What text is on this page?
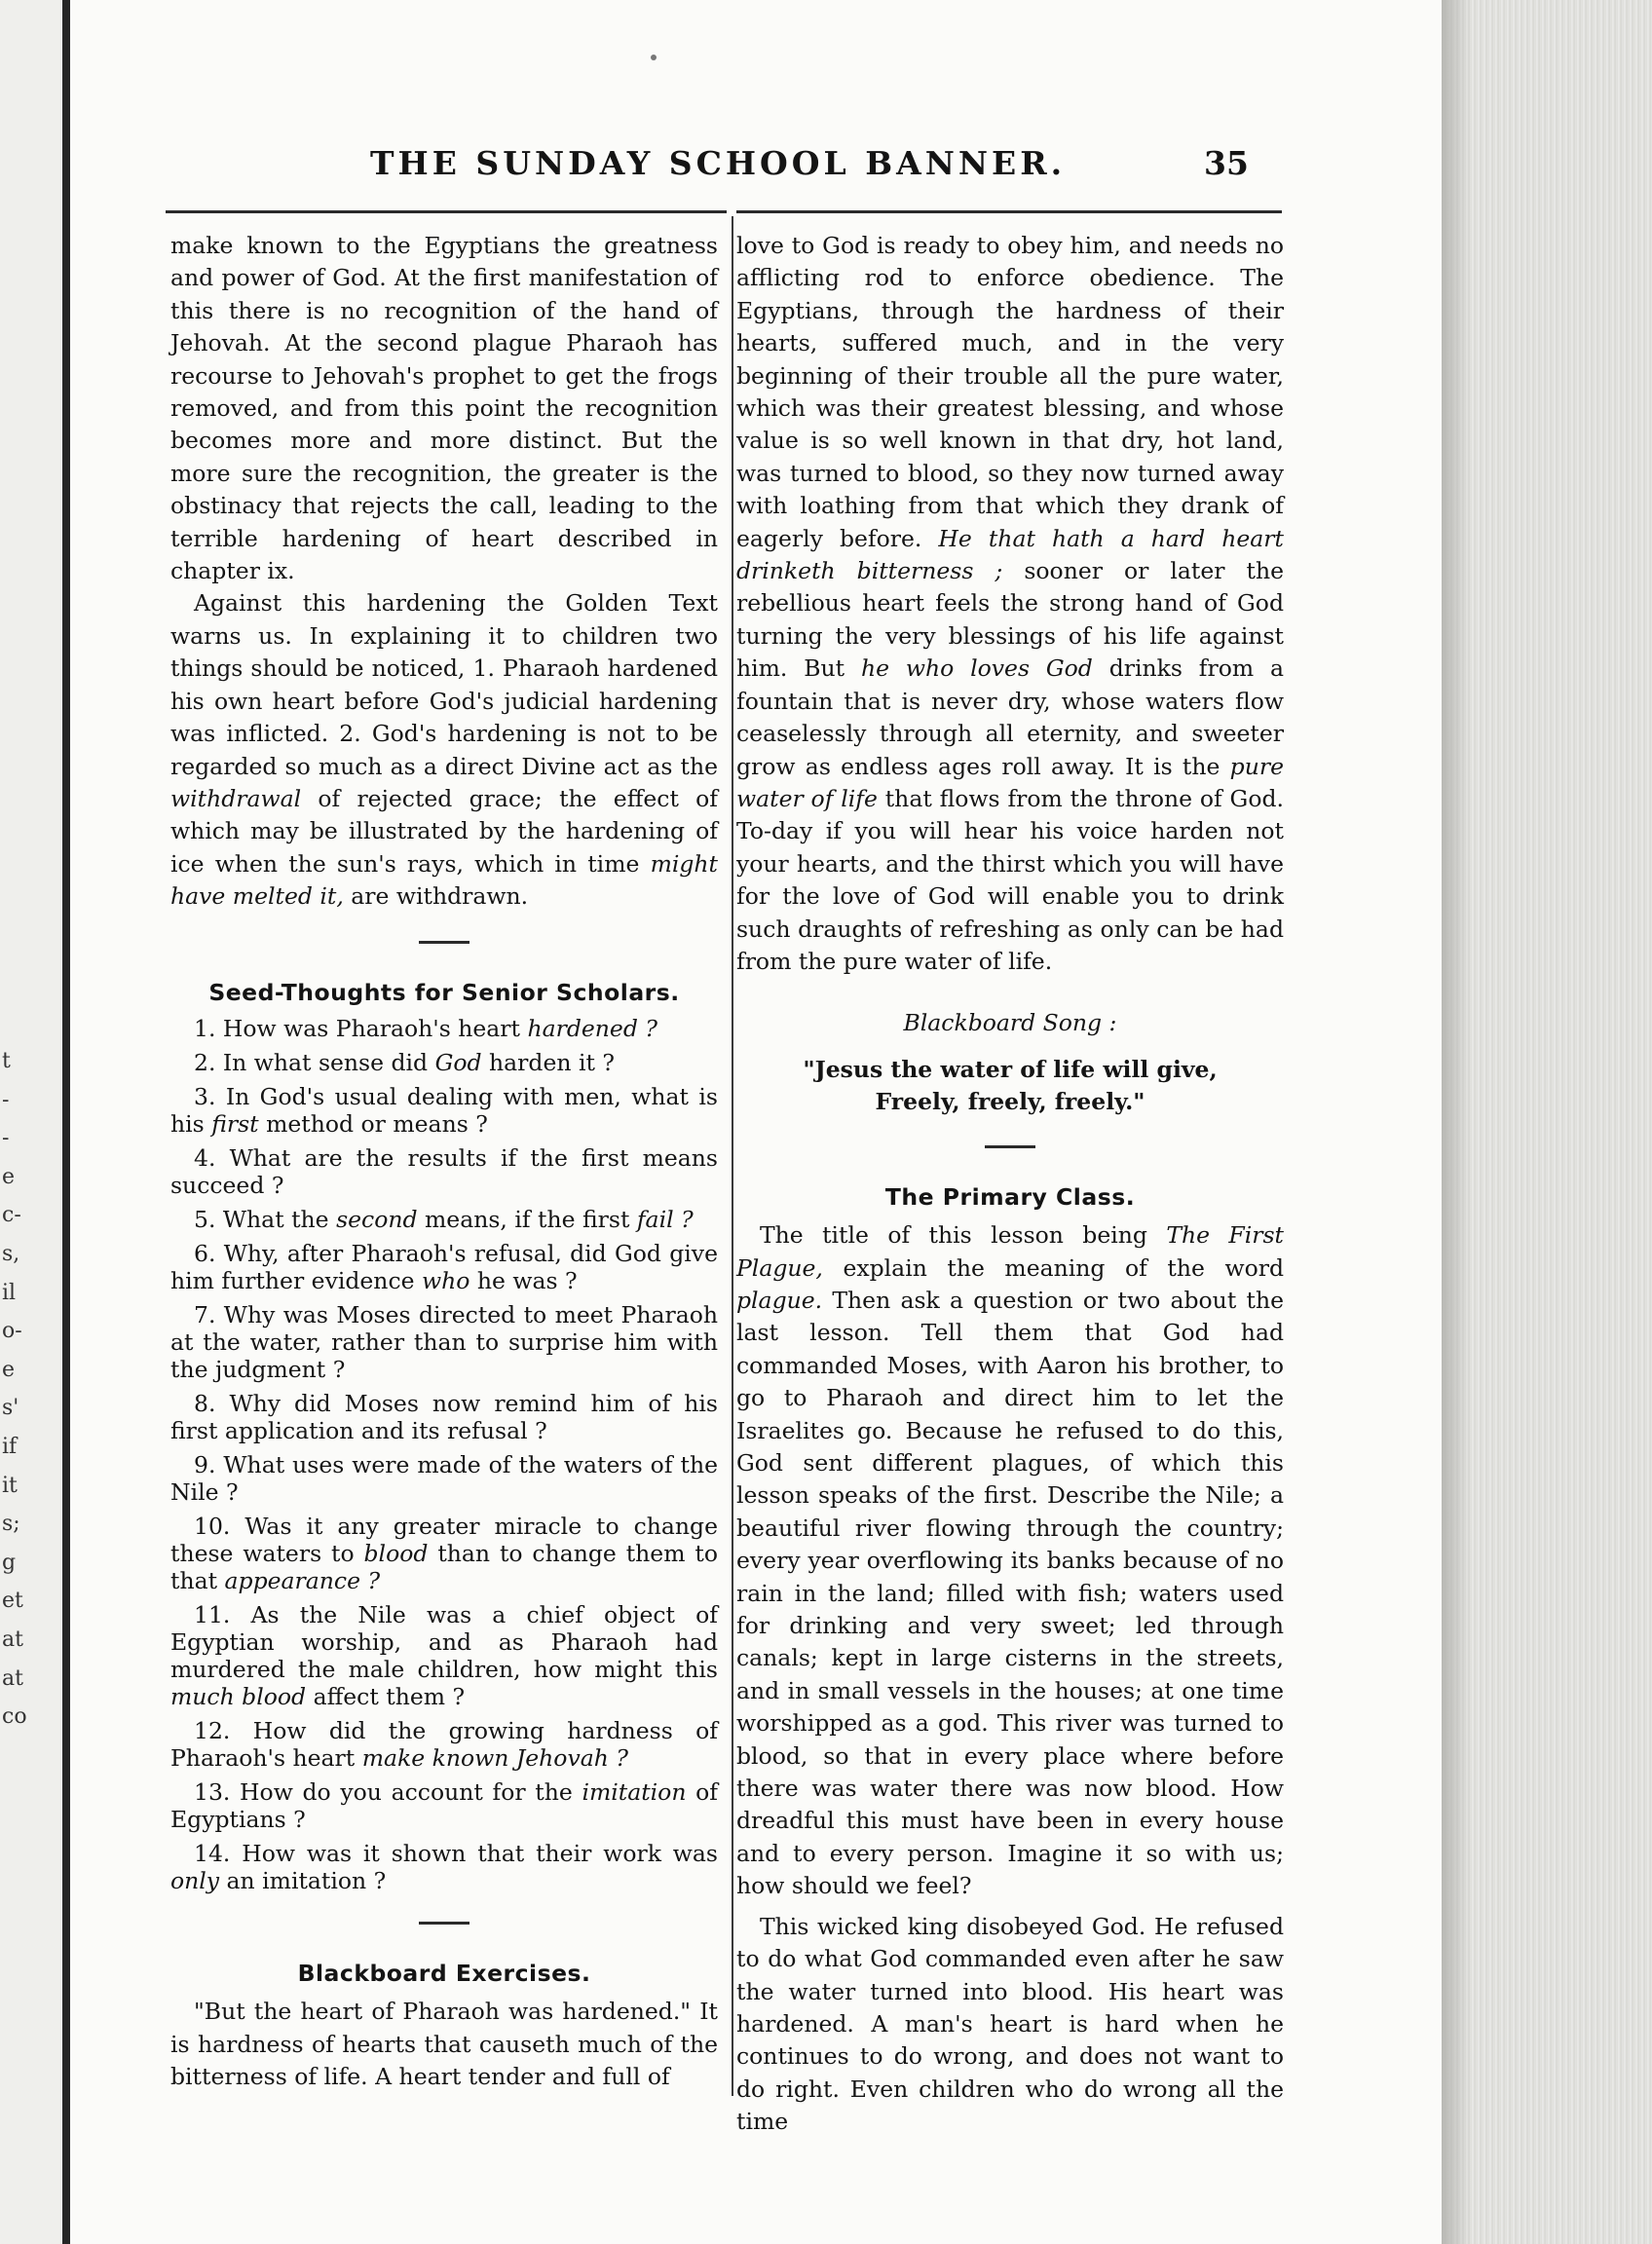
t
-
-
e
c-
s,
il
o-
e
s'
if
it
s;
g
et
at
at
co
THE SUNDAY SCHOOL BANNER.	35

make known to the Egyptians the greatness and power of God. At the first manifestation of this there is no recognition of the hand of Jehovah. At the second plague Pharaoh has recourse to Jehovah's prophet to get the frogs removed, and from this point the recognition becomes more and more distinct. But the more sure the recognition, the greater is the obstinacy that rejects the call, leading to the terrible hardening of heart described in chapter ix.

Against this hardening the Golden Text warns us. In explaining it to children two things should be noticed, 1. Pharaoh hardened his own heart before God's judicial hardening was inflicted. 2. God's hardening is not to be regarded so much as a direct Divine act as the withdrawal of rejected grace; the effect of which may be illustrated by the hardening of ice when the sun's rays, which in time might have melted it, are withdrawn.

Seed-Thoughts for Senior Scholars.
1. How was Pharaoh's heart hardened ?
2. In what sense did God harden it ?
3. In God's usual dealing with men, what is his first method or means ?
4. What are the results if the first means succeed ?
5. What the second means, if the first fail ?
6. Why, after Pharaoh's refusal, did God give him further evidence who he was ?
7. Why was Moses directed to meet Pharaoh at the water, rather than to surprise him with the judgment ?
8. Why did Moses now remind him of his first application and its refusal ?
9. What uses were made of the waters of the Nile ?
10. Was it any greater miracle to change these waters to blood than to change them to that appearance ?
11. As the Nile was a chief object of Egyptian worship, and as Pharaoh had murdered the male children, how might this much blood affect them ?
12. How did the growing hardness of Pharaoh's heart make known Jehovah ?
13. How do you account for the imitation of Egyptians ?
14. How was it shown that their work was only an imitation ?
Blackboard Exercises.

"But the heart of Pharaoh was hardened." It is hardness of hearts that causeth much of the bitterness of life. A heart tender and full of

love to God is ready to obey him, and needs no afflicting rod to enforce obedience. The Egyptians, through the hardness of their hearts, suffered much, and in the very beginning of their trouble all the pure water, which was their greatest blessing, and whose value is so well known in that dry, hot land, was turned to blood, so they now turned away with loathing from that which they drank of eagerly before. He that hath a hard heart drinketh bitterness ; sooner or later the rebellious heart feels the strong hand of God turning the very blessings of his life against him. But he who loves God drinks from a fountain that is never dry, whose waters flow ceaselessly through all eternity, and sweeter grow as endless ages roll away. It is the pure water of life that flows from the throne of God. To-day if you will hear his voice harden not your hearts, and the thirst which you will have for the love of God will enable you to drink such draughts of refreshing as only can be had from the pure water of life.

Blackboard Song :
"Jesus the water of life will give,
Freely, freely, freely."
The Primary Class.

The title of this lesson being The First Plague, explain the meaning of the word plague. Then ask a question or two about the last lesson. Tell them that God had commanded Moses, with Aaron his brother, to go to Pharaoh and direct him to let the Israelites go. Because he refused to do this, God sent different plagues, of which this lesson speaks of the first. Describe the Nile; a beautiful river flowing through the country; every year overflowing its banks because of no rain in the land; filled with fish; waters used for drinking and very sweet; led through canals; kept in large cisterns in the streets, and in small vessels in the houses; at one time worshipped as a god. This river was turned to blood, so that in every place where before there was water there was now blood. How dreadful this must have been in every house and to every person. Imagine it so with us; how should we feel?

This wicked king disobeyed God. He refused to do what God commanded even after he saw the water turned into blood. His heart was hardened. A man's heart is hard when he continues to do wrong, and does not want to do right. Even children who do wrong all the time
